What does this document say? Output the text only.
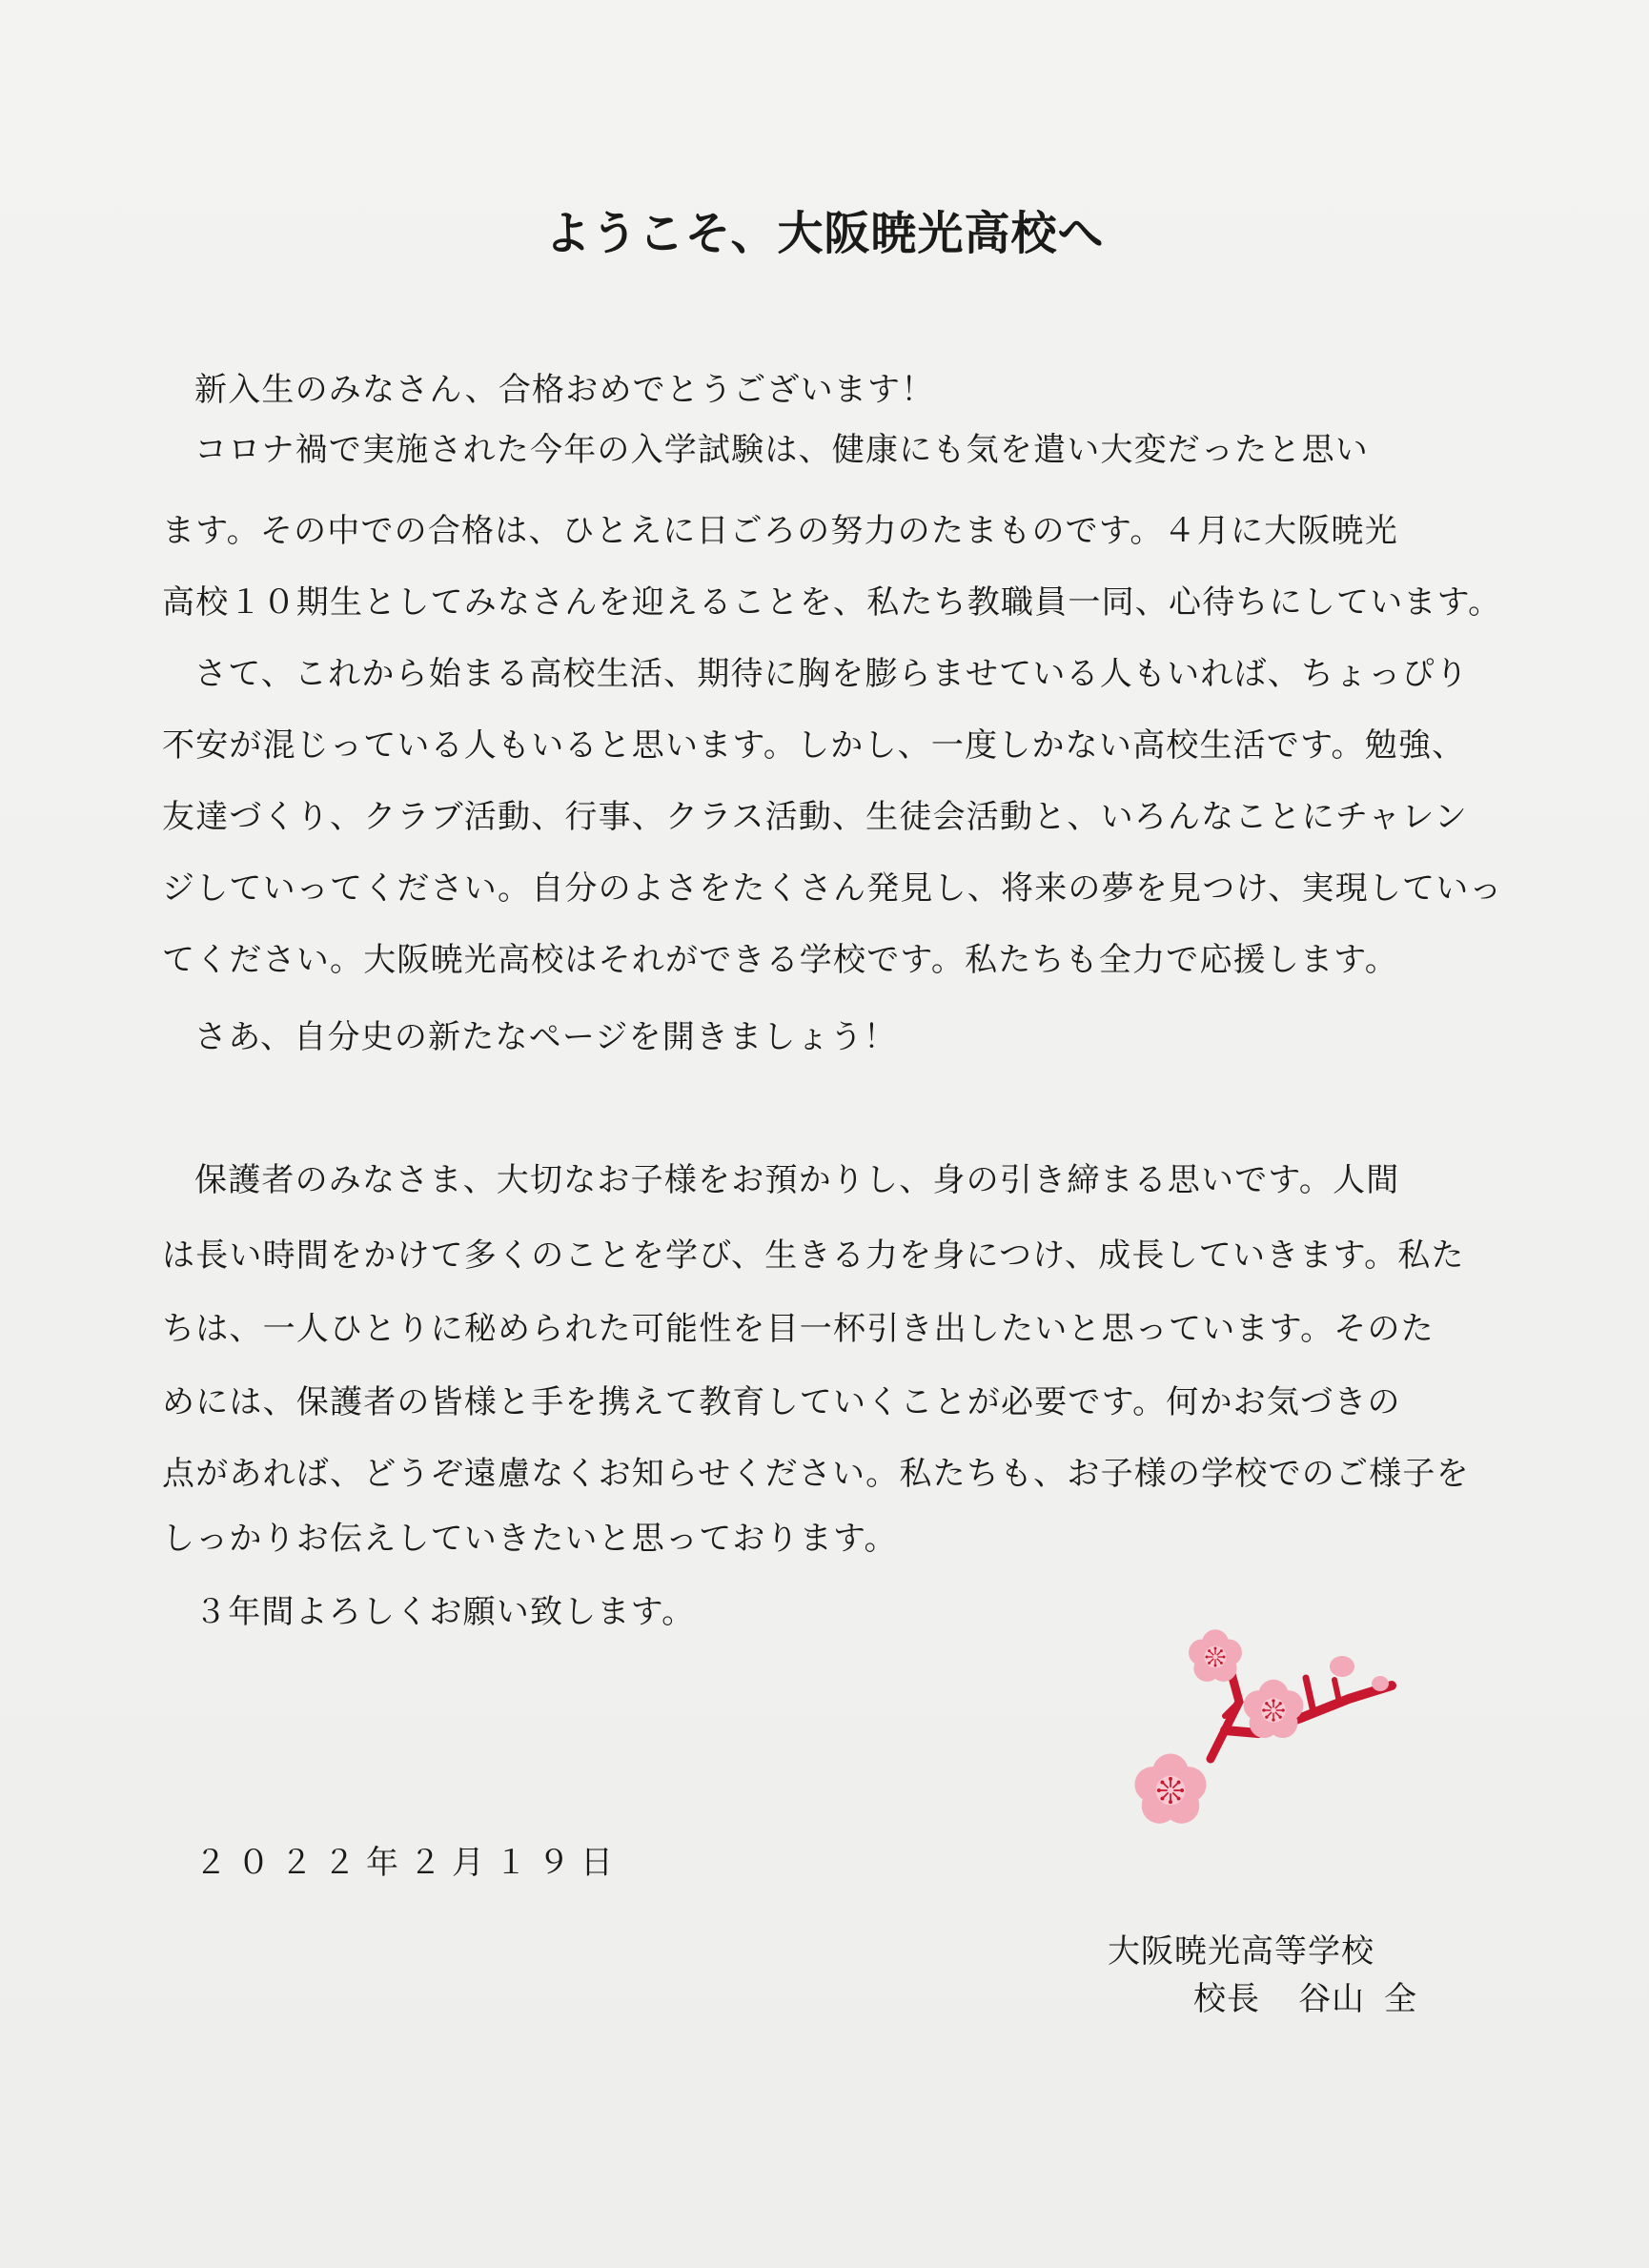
ようこそ、大阪暁光高校へ

新入生のみなさん、合格おめでとうございます！

コロナ禍で実施された今年の入学試験は、健康にも気を遣い大変だったと思い

ます。その中での合格は、ひとえに日ごろの努力のたまものです。４月に大阪暁光

高校１０期生としてみなさんを迎えることを、私たち教職員一同、心待ちにしています。

さて、これから始まる高校生活、期待に胸を膨らませている人もいれば、ちょっぴり

不安が混じっている人もいると思います。しかし、一度しかない高校生活です。勉強、

友達づくり、クラブ活動、行事、クラス活動、生徒会活動と、いろんなことにチャレン

ジしていってください。自分のよさをたくさん発見し、将来の夢を見つけ、実現していっ

てください。大阪暁光高校はそれができる学校です。私たちも全力で応援します。

さあ、自分史の新たなページを開きましょう！

保護者のみなさま、大切なお子様をお預かりし、身の引き締まる思いです。人間

は長い時間をかけて多くのことを学び、生きる力を身につけ、成長していきます。私た

ちは、一人ひとりに秘められた可能性を目一杯引き出したいと思っています。そのた

めには、保護者の皆様と手を携えて教育していくことが必要です。何かお気づきの

点があれば、どうぞ遠慮なくお知らせください。私たちも、お子様の学校でのご様子を

しっかりお伝えしていきたいと思っております。

３年間よろしくお願い致します。

２０２２年２月１９日
大阪暁光高等学校
校長 谷山 全
